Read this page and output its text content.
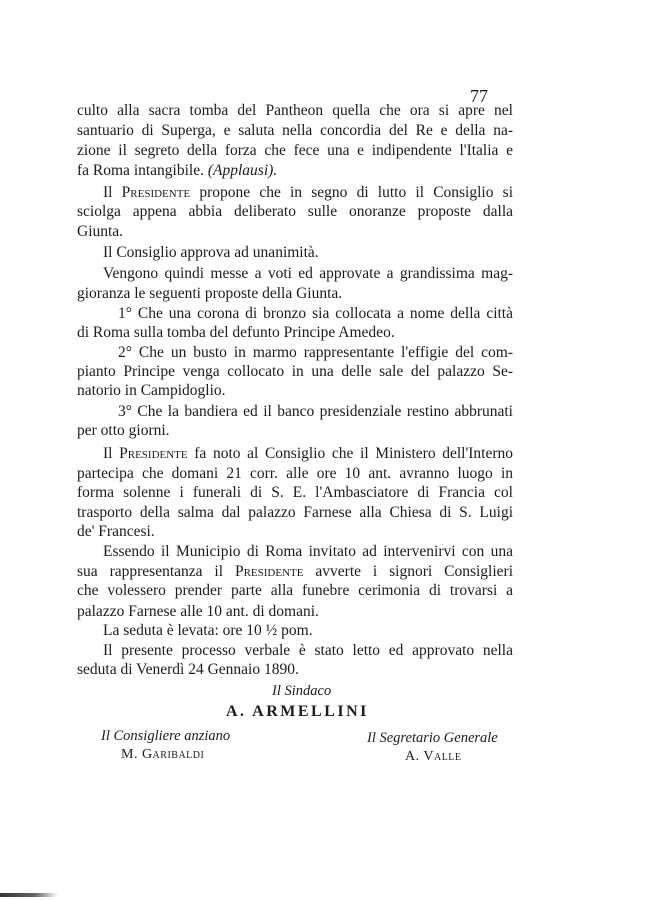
77
culto alla sacra tomba del Pantheon quella che ora si apre nel
santuario di Superga, e saluta nella concordia del Re e della na-
zione il segreto della forza che fece una e indipendente l'Italia e
fa Roma intangibile. (Applausi).
Il Presidente propone che in segno di lutto il Consiglio si
sciolga appena abbia deliberato sulle onoranze proposte dalla
Giunta.
Il Consiglio approva ad unanimità.
Vengono quindi messe a voti ed approvate a grandissima mag-
gioranza le seguenti proposte della Giunta.
1° Che una corona di bronzo sia collocata a nome della città
di Roma sulla tomba del defunto Principe Amedeo.
2° Che un busto in marmo rappresentante l'effigie del com-
pianto Principe venga collocato in una delle sale del palazzo Se-
natorio in Campidoglio.
3° Che la bandiera ed il banco presidenziale restino abbrunati
per otto giorni.
Il Presidente fa noto al Consiglio che il Ministero dell'Interno
partecipa che domani 21 corr. alle ore 10 ant. avranno luogo in
forma solenne i funerali di S. E. l'Ambasciatore di Francia col
trasporto della salma dal palazzo Farnese alla Chiesa di S. Luigi
de' Francesi.
Essendo il Municipio di Roma invitato ad intervenirvi con una
sua rappresentanza il Presidente avverte i signori Consiglieri
che volessero prender parte alla funebre cerimonia di trovarsi a
palazzo Farnese alle 10 ant. di domani.
La seduta è levata: ore 10 ½ pom.
Il presente processo verbale è stato letto ed approvato nella
seduta di Venerdì 24 Gennaio 1890.
Il Sindaco
A. ARMELLINI
Il Consigliere anziano
M. Garibaldi
Il Segretario Generale
A. Valle
